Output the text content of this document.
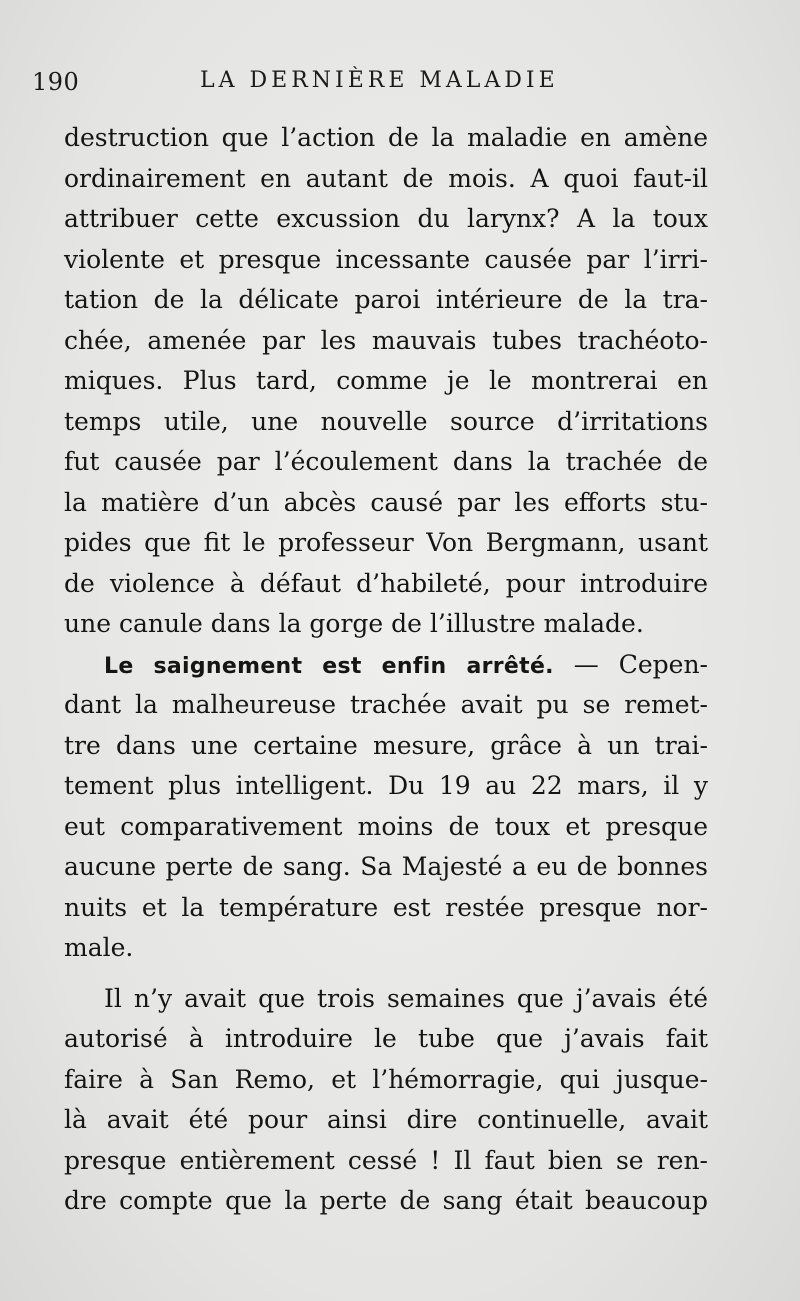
190	LA DERNIÈRE MALADIE
destruction que l’action de la maladie en amène
ordinairement en autant de mois. A quoi faut-il
attribuer cette excussion du larynx? A la toux
violente et presque incessante causée par l’irri-
tation de la délicate paroi intérieure de la tra-
chée, amenée par les mauvais tubes trachéoto-
miques. Plus tard, comme je le montrerai en
temps utile, une nouvelle source d’irritations
fut causée par l’écoulement dans la trachée de
la matière d’un abcès causé par les efforts stu-
pides que fit le professeur Von Bergmann, usant
de violence à défaut d’habileté, pour introduire
une canule dans la gorge de l’illustre malade.
Le saignement est enfin arrêté. — Cepen-
dant la malheureuse trachée avait pu se remet-
tre dans une certaine mesure, grâce à un trai-
tement plus intelligent. Du 19 au 22 mars, il y
eut comparativement moins de toux et presque
aucune perte de sang. Sa Majesté a eu de bonnes
nuits et la température est restée presque nor-
male.
Il n’y avait que trois semaines que j’avais été
autorisé à introduire le tube que j’avais fait
faire à San Remo, et l’hémorragie, qui jusque-
là avait été pour ainsi dire continuelle, avait
presque entièrement cessé ! Il faut bien se ren-
dre compte que la perte de sang était beaucoup
